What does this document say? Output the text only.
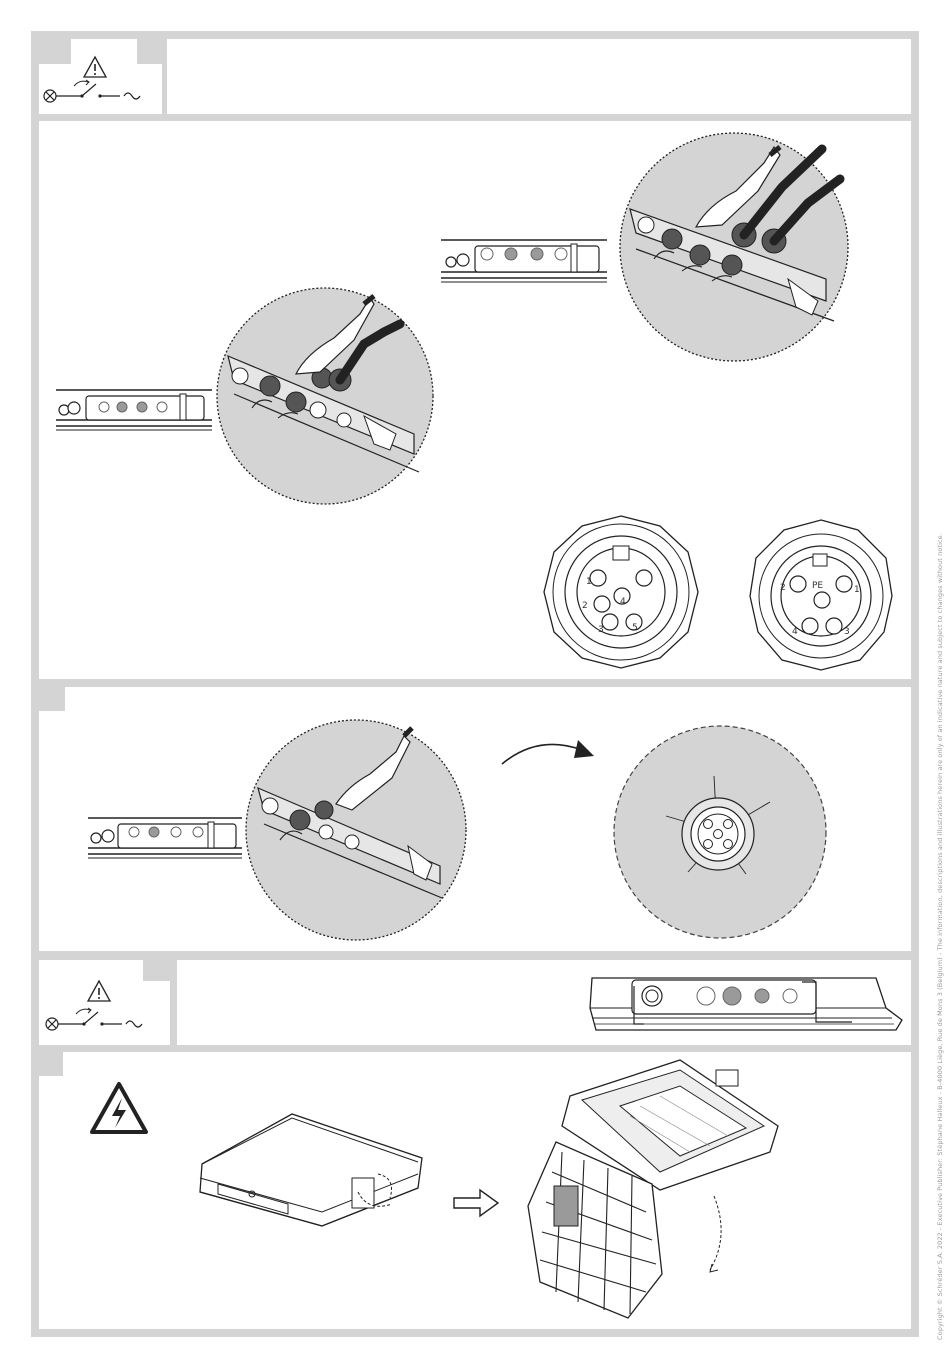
1
2
3
4
5
PE	1
2
3
4	Copyright © Schréder S.A. 2022 - Executive Publisher: Stéphane Halleux - B-4000 Liège, Rue de Mons 3 (Belgium) - The information, descriptions and illustrations herein are only of an indicative nature and subject to changes without notice.
